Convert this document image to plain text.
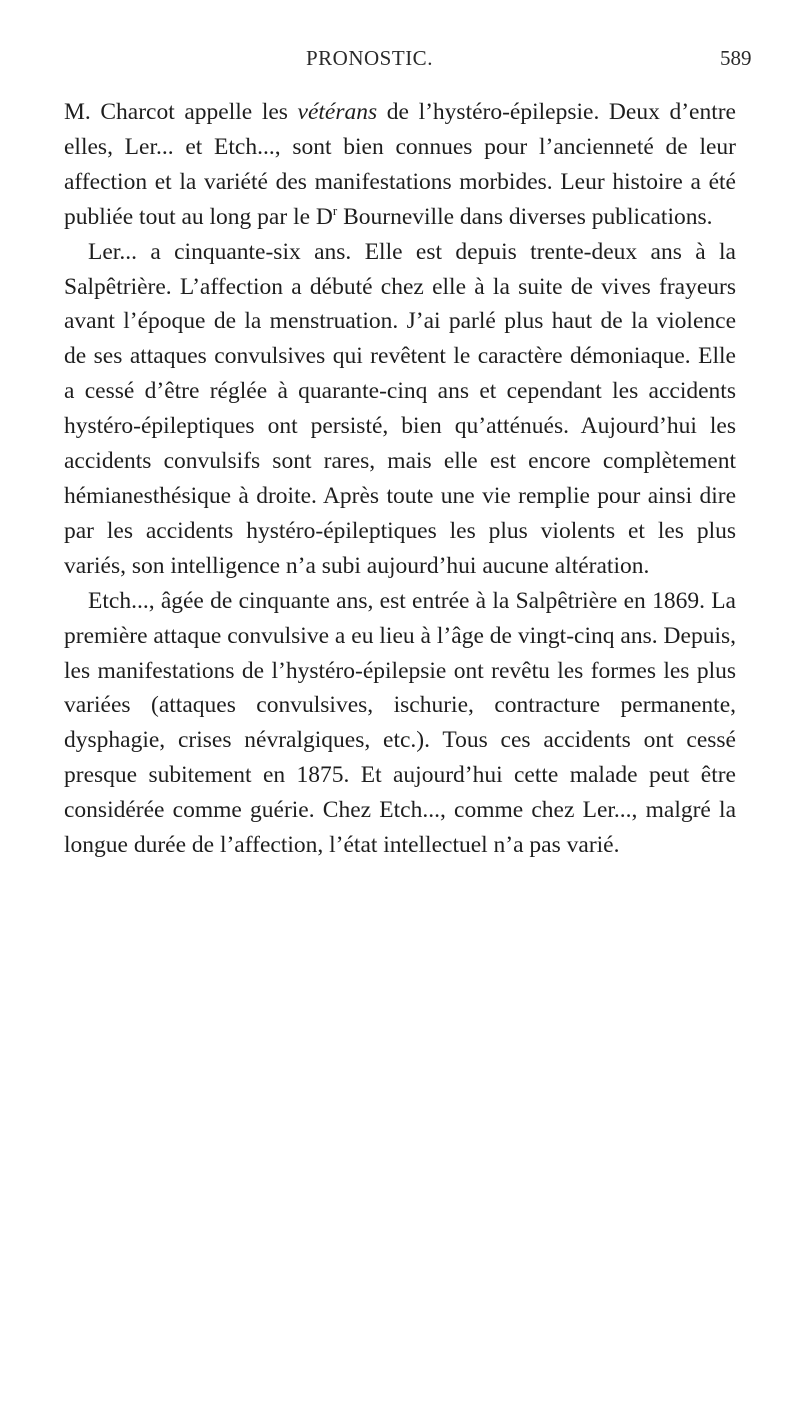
PRONOSTIC.	589

M. Charcot appelle les vétérans de l’hystéro-épilepsie. Deux d’entre elles, Ler... et Etch..., sont bien connues pour l’ancienneté de leur affection et la variété des manifestations morbides. Leur histoire a été publiée tout au long par le $D^r$ Bourneville dans diverses publications.

Ler... a cinquante-six ans. Elle est depuis trente-deux ans à la Salpêtrière. L’affection a débuté chez elle à la suite de vives frayeurs avant l’époque de la menstruation. J’ai parlé plus haut de la violence de ses attaques convulsives qui revêtent le caractère démoniaque. Elle a cessé d’être réglée à quarante-cinq ans et cependant les accidents hystéro-épileptiques ont persisté, bien qu’atténués. Aujourd’hui les accidents convulsifs sont rares, mais elle est encore complètement hémianesthésique à droite. Après toute une vie remplie pour ainsi dire par les accidents hystéro-épileptiques les plus violents et les plus variés, son intelligence n’a subi aujourd’hui aucune altération.

Etch..., âgée de cinquante ans, est entrée à la Salpêtrière en 1869. La première attaque convulsive a eu lieu à l’âge de vingt-cinq ans. Depuis, les manifestations de l’hystéro-épilepsie ont revêtu les formes les plus variées (attaques convulsives, ischurie, contracture permanente, dysphagie, crises névralgiques, etc.). Tous ces accidents ont cessé presque subitement en 1875. Et aujourd’hui cette malade peut être considérée comme guérie. Chez Etch..., comme chez Ler..., malgré la longue durée de l’affection, l’état intellectuel n’a pas varié.
